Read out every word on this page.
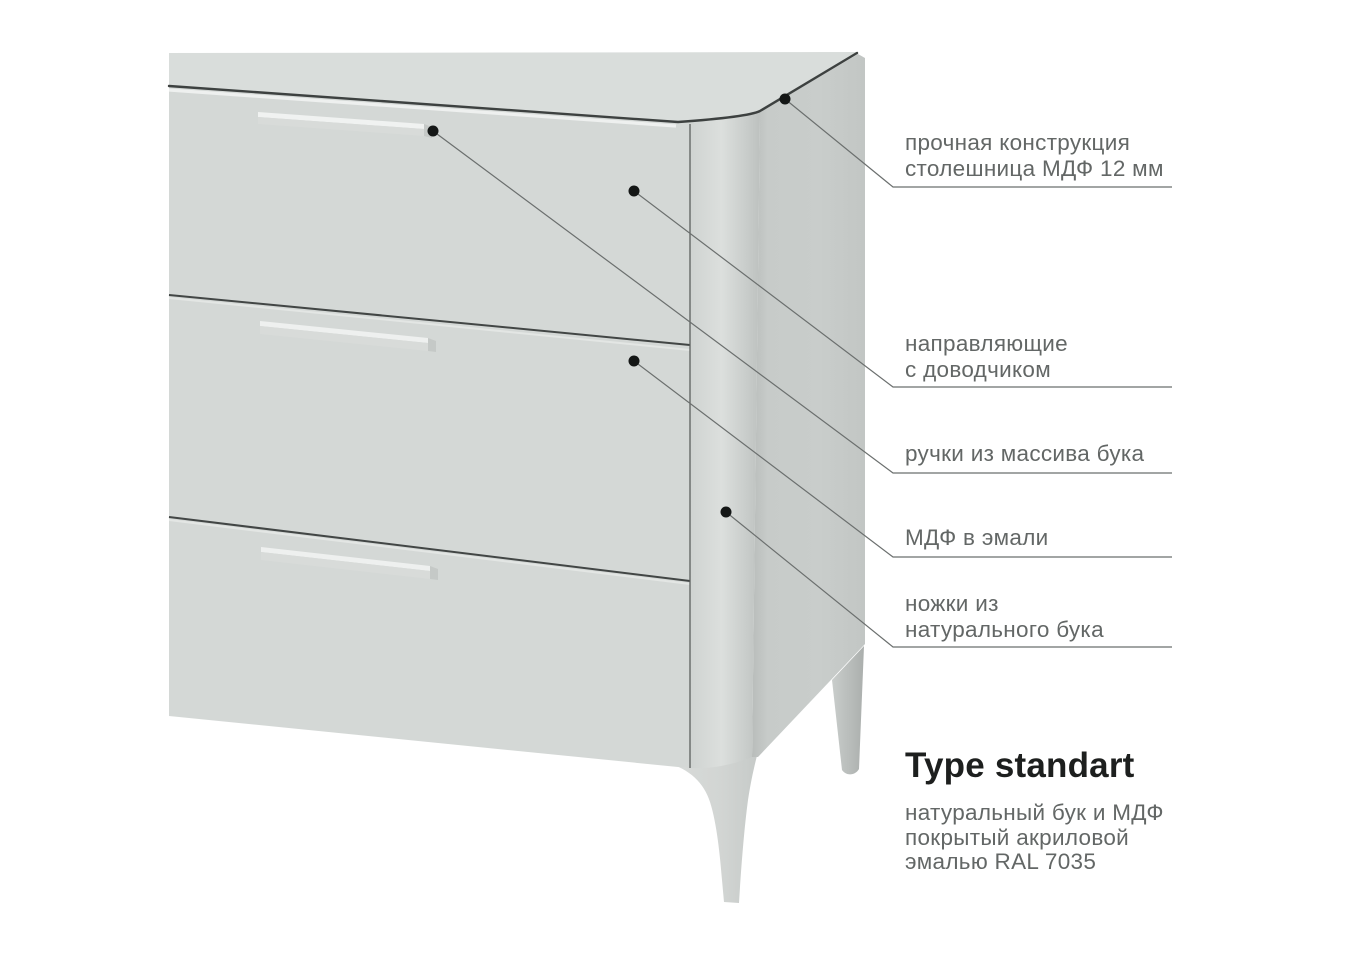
прочная конструкция
столешница МДФ 12 мм
направляющие
с доводчиком
ручки из массива бука
МДФ в эмали
ножки из
натурального бука
Type standart
натуральный бук и МДФ
покрытый акриловой
эмалью RAL 7035
